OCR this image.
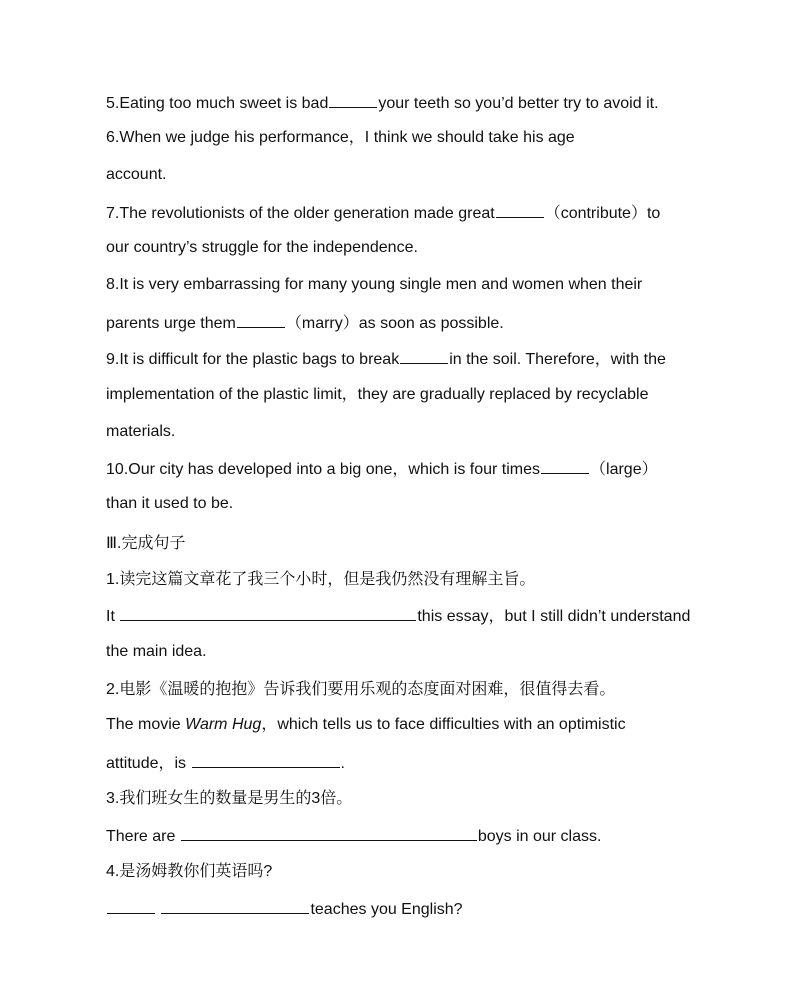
5.Eating too much sweet is bad	your teeth so you’d better try to avoid it.
6.When we judge his performance，I think we should take his age
account.
7.The revolutionists of the older generation made great	（contribute）to
our country’s struggle for the independence.
8.It is very embarrassing for many young single men and women when their
parents urge them	（marry）as soon as possible.
9.It is difficult for the plastic bags to break	in the soil. Therefore，with the
implementation of the plastic limit，they are gradually replaced by recyclable
materials.
10.Our city has developed into a big one，which is four times	（large）
than it used to be.
Ⅲ.完成句子
1.读完这篇文章花了我三个小时，但是我仍然没有理解主旨。
It	this essay，but I still didn’t understand
the main idea.
2.电影《温暖的抱抱》告诉我们要用乐观的态度面对困难，很值得去看。
The movie Warm Hug，which tells us to face difficulties with an optimistic
attitude，is	.
3.我们班女生的数量是男生的3倍。
There are	boys in our class.
4.是汤姆教你们英语吗?
teaches you English?
